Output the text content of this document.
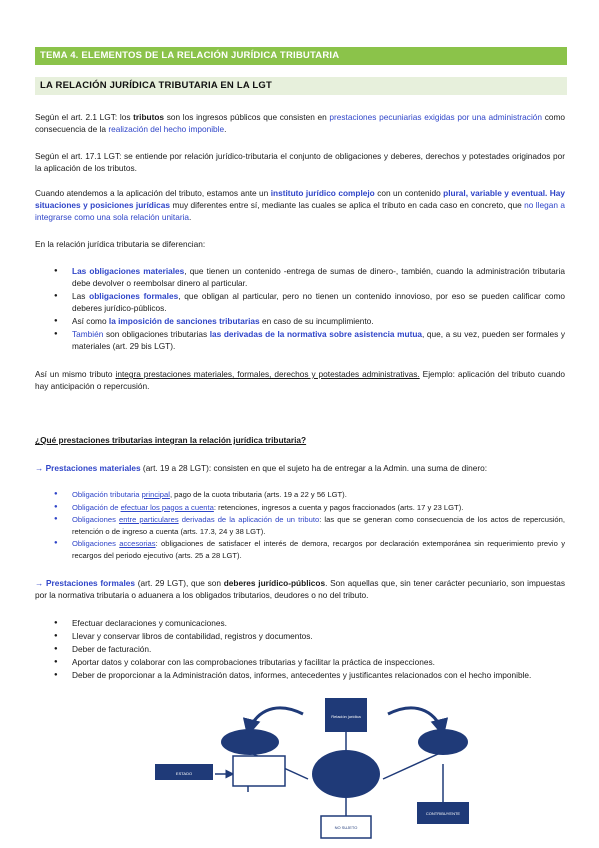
TEMA 4. ELEMENTOS DE LA RELACIÓN JURÍDICA TRIBUTARIA
LA RELACIÓN JURÍDICA TRIBUTARIA EN LA LGT

Según el art. 2.1 LGT: los tributos son los ingresos públicos que consisten en prestaciones pecuniarias exigidas por una administración como consecuencia de la realización del hecho imponible.

Según el art. 17.1 LGT: se entiende por relación jurídico-tributaria el conjunto de obligaciones y deberes, derechos y potestades originados por la aplicación de los tributos.

Cuando atendemos a la aplicación del tributo, estamos ante un instituto jurídico complejo con un contenido plural, variable y eventual. Hay situaciones y posiciones jurídicas muy diferentes entre sí, mediante las cuales se aplica el tributo en cada caso en concreto, que no llegan a integrarse como una sola relación unitaria.

En la relación jurídica tributaria se diferencian:

● Las obligaciones materiales, que tienen un contenido -entrega de sumas de dinero-, también, cuando la administración tributaria debe devolver o reembolsar dinero al particular.
● Las obligaciones formales, que obligan al particular, pero no tienen un contenido innovioso, por eso se pueden calificar como deberes jurídico-públicos.
● Así como la imposición de sanciones tributarias en caso de su incumplimiento.
● También son obligaciones tributarias las derivadas de la normativa sobre asistencia mutua, que, a su vez, pueden ser formales y materiales (art. 29 bis LGT).

Así un mismo tributo integra prestaciones materiales, formales, derechos y potestades administrativas. Ejemplo: aplicación del tributo cuando hay anticipación o repercusión.

¿Qué prestaciones tributarias integran la relación jurídica tributaria?

→ Prestaciones materiales (art. 19 a 28 LGT): consisten en que el sujeto ha de entregar a la Admin. una suma de dinero:

● Obligación tributaria principal, pago de la cuota tributaria (arts. 19 a 22 y 56 LGT).
● Obligación de efectuar los pagos a cuenta: retenciones, ingresos a cuenta y pagos fraccionados (arts. 17 y 23 LGT).
● Obligaciones entre particulares derivadas de la aplicación de un tributo: las que se generan como consecuencia de los actos de repercusión, retención o de ingreso a cuenta (arts. 17.3, 24 y 38 LGT).
● Obligaciones accesorias: obligaciones de satisfacer el interés de demora, recargos por declaración extemporánea sin requerimiento previo y recargos del periodo ejecutivo (arts. 25 a 28 LGT).

→ Prestaciones formales (art. 29 LGT), que son deberes jurídico-públicos. Son aquellas que, sin tener carácter pecuniario, son impuestas por la normativa tributaria o aduanera a los obligados tributarios, deudores o no del tributo.

● Efectuar declaraciones y comunicaciones.
● Llevar y conservar libros de contabilidad, registros y documentos.
● Deber de facturación.
● Aportar datos y colaborar con las comprobaciones tributarias y facilitar la práctica de inspecciones.
● Deber de proporcionar a la Administración datos, informes, antecedentes y justificantes relacionados con el hecho imponible.
Relación jurídica
ESTADO
CONTRIBUYENTE
NO SUJETO
